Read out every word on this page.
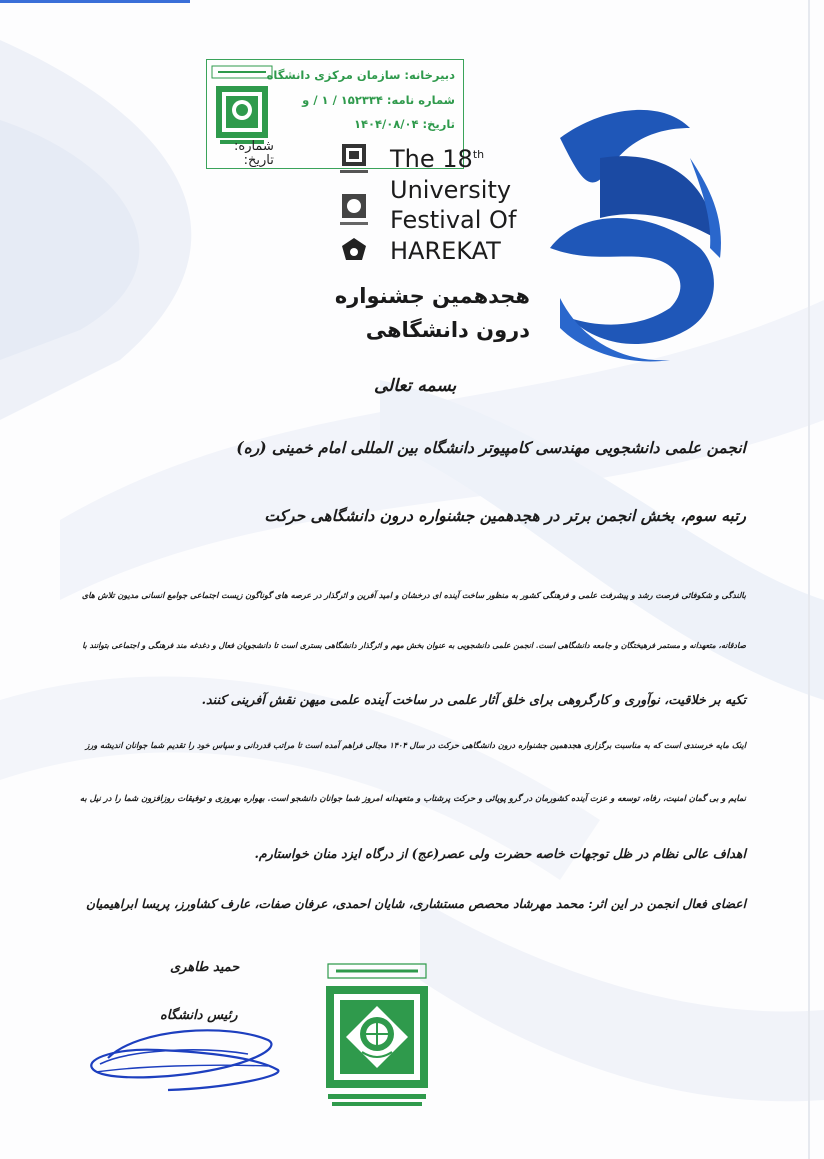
دبیرخانه: سازمان مرکزی دانشگاه
شماره نامه: ۱۵۲۳۳۴ / ۱ / و
تاریخ: ۱۴۰۴/۰۸/۰۴
شماره:
تاریخ:	The 18th
University
Festival Of
HAREKAT
هجدهمین جشنواره
درون دانشگاهی
بسمه تعالی
انجمن علمی دانشجویی مهندسی کامپیوتر دانشگاه بین المللی امام خمینی (ره)
رتبه سوم، بخش انجمن برتر در هجدهمین جشنواره درون دانشگاهی حرکت
بالندگی و شکوفائی فرصت رشد و پیشرفت علمی و فرهنگی کشور به منظور ساخت آینده ای درخشان و امید آفرین و اثرگذار در عرصه های گوناگون زیست اجتماعی جوامع انسانی مدیون تلاش های
صادقانه، متعهدانه و مستمر فرهیختگان و جامعه دانشگاهی است. انجمن علمی دانشجویی به عنوان بخش مهم و اثرگذار دانشگاهی بستری است تا دانشجویان فعال و دغدغه مند فرهنگی و اجتماعی بتوانند با
تکیه بر خلاقیت، نوآوری و کارگروهی برای خلق آثار علمی در ساخت آینده علمی میهن نقش آفرینی کنند.
اینک مایه خرسندی است که به مناسبت برگزاری هجدهمین جشنواره درون دانشگاهی حرکت در سال ۱۴۰۴ مجالی فراهم آمده است تا مراتب قدردانی و سپاس خود را تقدیم شما جوانان اندیشه ورز
نمایم و بی گمان امنیت، رفاه، توسعه و عزت آینده کشورمان در گرو پویائی و حرکت پرشتاب و متعهدانه امروز شما جوانان دانشجو است. بهواره بهروزی و توفیقات روزافزون شما را در نیل به
اهداف عالی نظام در ظل توجهات خاصه حضرت ولی عصر(عج) از درگاه ایزد منان خواستارم.
اعضای فعال انجمن در این اثر: محمد مهرشاد محصص مستشاری، شایان احمدی، عرفان صفات، عارف کشاورز، پریسا ابراهیمیان
حمید طاهری
رئیس دانشگاه
